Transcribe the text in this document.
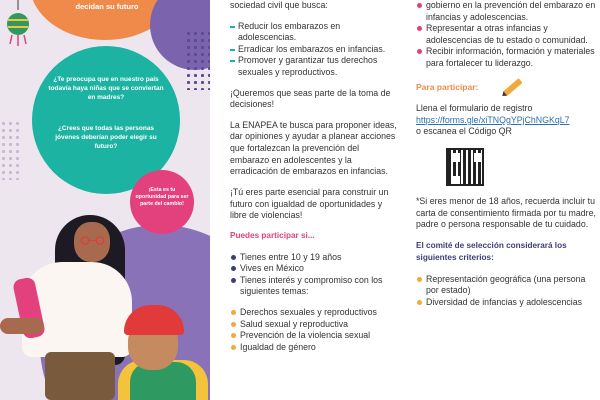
decidan su futuro
¿Te preocupa que en nuestro país todavía haya niñas que se conviertan en madres?
¿Crees que todas las personas jóvenes deberían poder elegir su futuro?
¡Esta es tu oportunidad para ser parte del cambio!
sociedad civil que busca:
Reducir los embarazos en adolescencias.
Erradicar los embarazos en infancias.
Promover y garantizar tus derechos sexuales y reproductivos.
¡Queremos que seas parte de la toma de decisiones!
La ENAPEA te busca para proponer ideas, dar opiniones y ayudar a planear acciones que fortalezcan la prevención del embarazo en adolescentes y la erradicación de embarazos en infancias.
¡Tú eres parte esencial para construir un futuro con igualdad de oportunidades y libre de violencias!
Puedes participar si...
Tienes entre 10 y 19 años
Vives en México
Tienes interés y compromiso con los siguientes temas:
Derechos sexuales y reproductivos
Salud sexual y reproductiva
Prevención de la violencia sexual
Igualdad de género
gobierno en la prevención del embarazo en infancias y adolescencias.
Representar a otras infancias y adolescencias de tu estado o comunidad.
Recibir información, formación y materiales para fortalecer tu liderazgo.
Para participar:
Llena el formulario de registro
https://forms.gle/xiTNQgYPjChNGKqL7
o escanea el Código QR
*Si eres menor de 18 años, recuerda incluir tu carta de consentimiento firmada por tu madre, padre o persona responsable de tu cuidado.
El comité de selección considerará los siguientes criterios:
Representación geográfica (una persona por estado)
Diversidad de infancias y adolescencias
